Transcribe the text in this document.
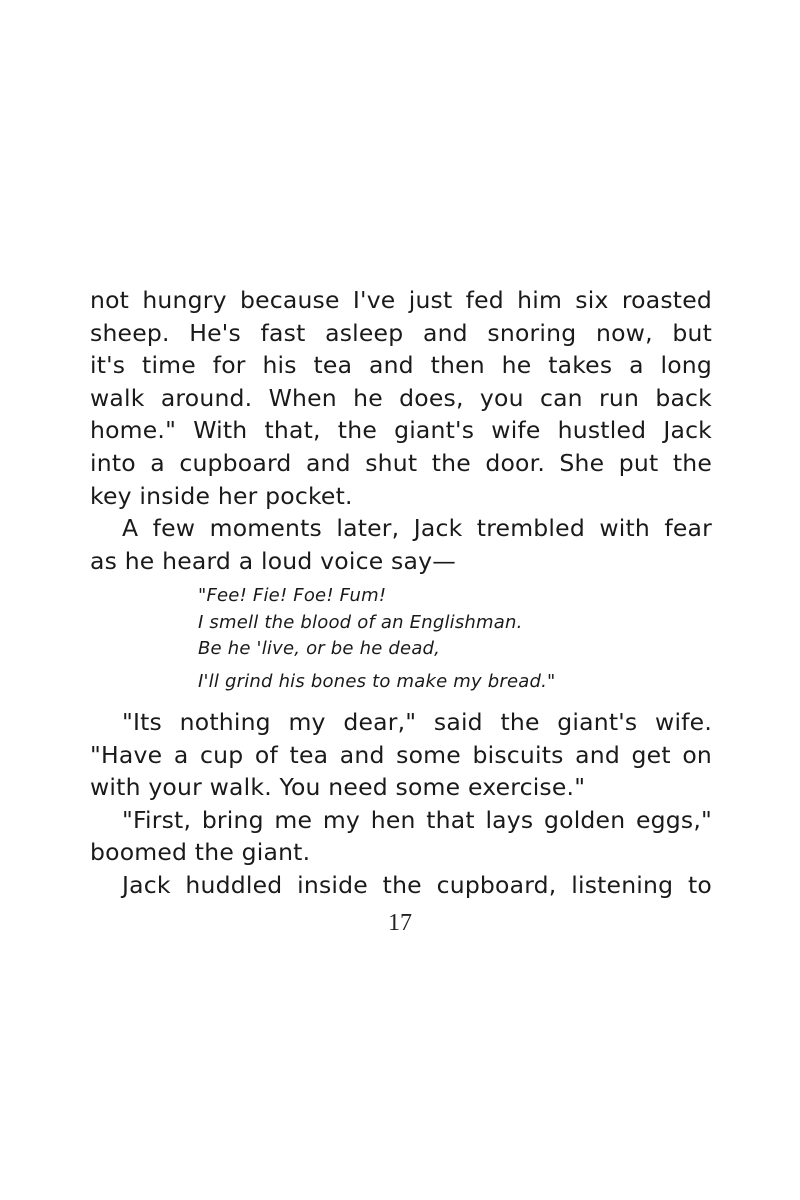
not hungry because I've just fed him six roasted
sheep. He's fast asleep and snoring now, but
it's time for his tea and then he takes a long
walk around. When he does, you can run back
home." With that, the giant's wife hustled Jack
into a cupboard and shut the door. She put the
key inside her pocket.
A few moments later, Jack trembled with fear
as he heard a loud voice say—
"Fee! Fie! Foe! Fum!
I smell the blood of an Englishman.
Be he 'live, or be he dead,
I'll grind his bones to make my bread."
"Its nothing my dear," said the giant's wife.
"Have a cup of tea and some biscuits and get on
with your walk. You need some exercise."
"First, bring me my hen that lays golden eggs,"
boomed the giant.
Jack huddled inside the cupboard, listening to
17
